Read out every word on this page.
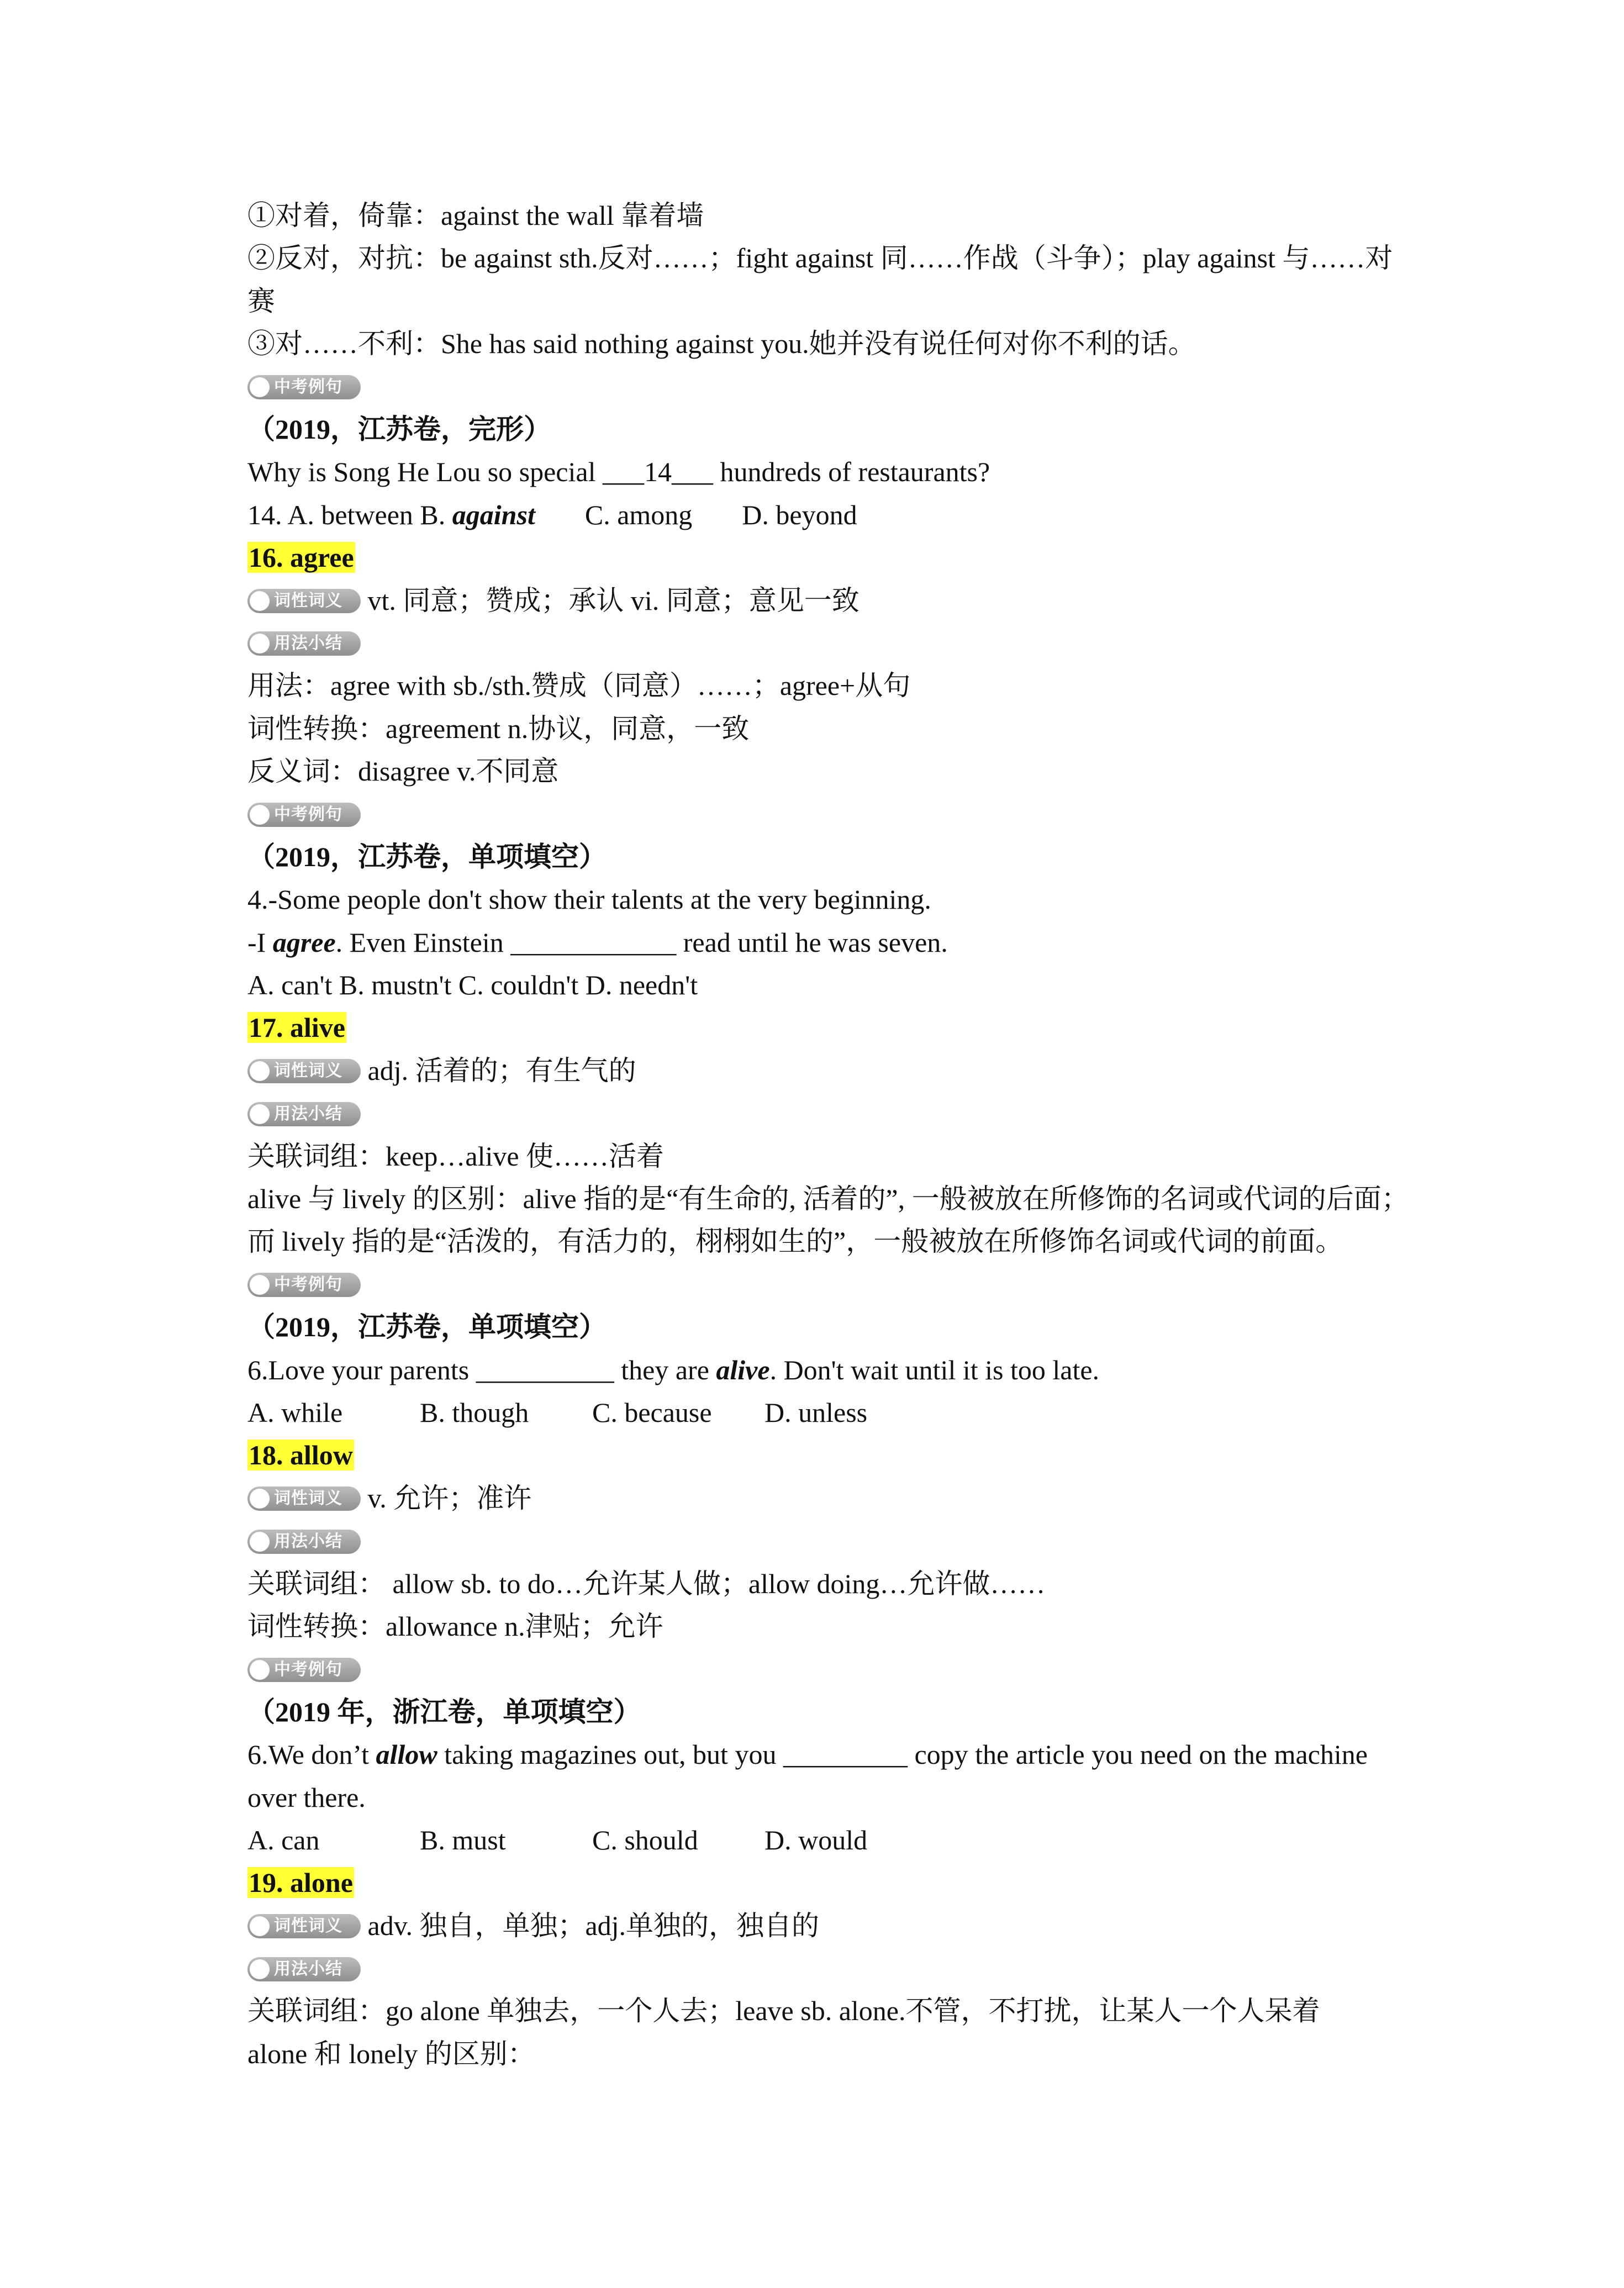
①对着，倚靠：against the wall 靠着墙
②反对，对抗：be against sth.反对……；fight against 同……作战（斗争）；play against 与……对赛
③对……不利：She has said nothing against you.她并没有说任何对你不利的话。
中考例句
（2019，江苏卷，完形）
Why is Song He Lou so special ___14___ hundreds of restaurants?
14. A. between B. against C. among D. beyond
16. agree
词性词义 vt. 同意；赞成；承认 vi. 同意；意见一致
用法小结
用法：agree with sb./sth.赞成（同意）……；agree+从句
词性转换：agreement n.协议，同意，一致
反义词：disagree v.不同意
中考例句
（2019，江苏卷，单项填空）
4.-Some people don't show their talents at the very beginning.
-I agree. Even Einstein ____________ read until he was seven.
A. can't B. mustn't C. couldn't D. needn't
17. alive
词性词义 adj. 活着的；有生气的
用法小结
关联词组：keep…alive 使……活着
alive 与 lively 的区别：alive 指的是“有生命的, 活着的”, 一般被放在所修饰的名词或代词的后面；
而 lively 指的是“活泼的，有活力的，栩栩如生的”，一般被放在所修饰名词或代词的前面。
中考例句
（2019，江苏卷，单项填空）
6.Love your parents __________ they are alive. Don't wait until it is too late.
A. while	B. though C. because D. unless
18. allow
词性词义 v. 允许；准许
用法小结
关联词组： allow sb. to do…允许某人做；allow doing…允许做……
词性转换：allowance n.津贴；允许
中考例句
（2019 年，浙江卷，单项填空）
6.We don’t allow taking magazines out, but you _________ copy the article you need on the machine over there.
A. can	B. must	C. should D. would
19. alone
词性词义 adv. 独自，单独；adj.单独的，独自的
用法小结
关联词组：go alone 单独去，一个人去；leave sb. alone.不管，不打扰，让某人一个人呆着
alone 和 lonely 的区别：
